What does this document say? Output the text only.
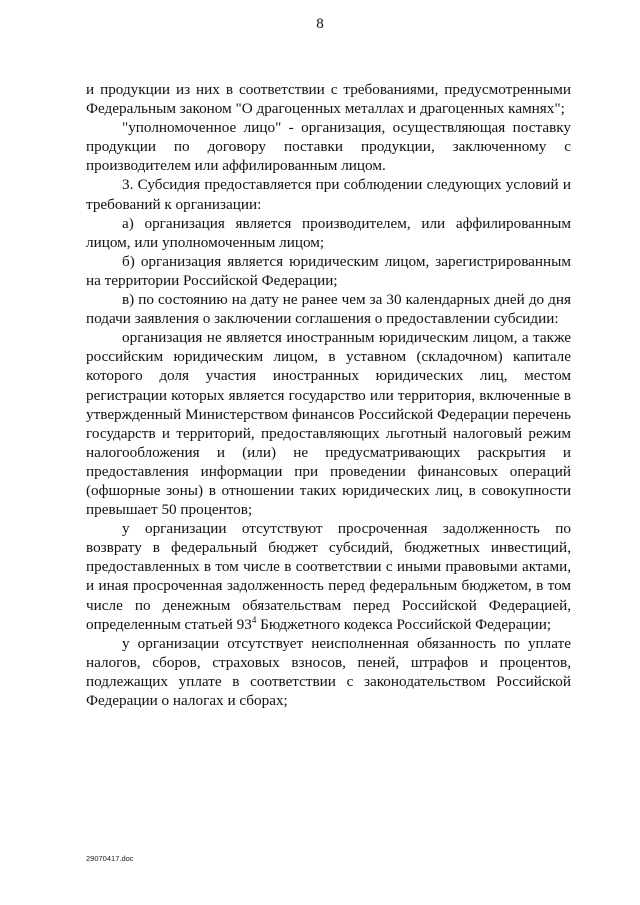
8

и продукции из них в соответствии с требованиями, предусмотренными Федеральным законом "О драгоценных металлах и драгоценных камнях";

"уполномоченное лицо" - организация, осуществляющая поставку продукции по договору поставки продукции, заключенному с производителем или аффилированным лицом.

3. Субсидия предоставляется при соблюдении следующих условий и требований к организации:

а) организация является производителем, или аффилированным лицом, или уполномоченным лицом;

б) организация является юридическим лицом, зарегистрированным на территории Российской Федерации;

в) по состоянию на дату не ранее чем за 30 календарных дней до дня подачи заявления о заключении соглашения о предоставлении субсидии:

организация не является иностранным юридическим лицом, а также российским юридическим лицом, в уставном (складочном) капитале которого доля участия иностранных юридических лиц, местом регистрации которых является государство или территория, включенные в утвержденный Министерством финансов Российской Федерации перечень государств и территорий, предоставляющих льготный налоговый режим налогообложения и (или) не предусматривающих раскрытия и предоставления информации при проведении финансовых операций (офшорные зоны) в отношении таких юридических лиц, в совокупности превышает 50 процентов;

у организации отсутствуют просроченная задолженность по возврату в федеральный бюджет субсидий, бюджетных инвестиций, предоставленных в том числе в соответствии с иными правовыми актами, и иная просроченная задолженность перед федеральным бюджетом, в том числе по денежным обязательствам перед Российской Федерацией, определенным статьей $93^4$ Бюджетного кодекса Российской Федерации;

у организации отсутствует неисполненная обязанность по уплате налогов, сборов, страховых взносов, пеней, штрафов и процентов, подлежащих уплате в соответствии с законодательством Российской Федерации о налогах и сборах;

29070417.doc
